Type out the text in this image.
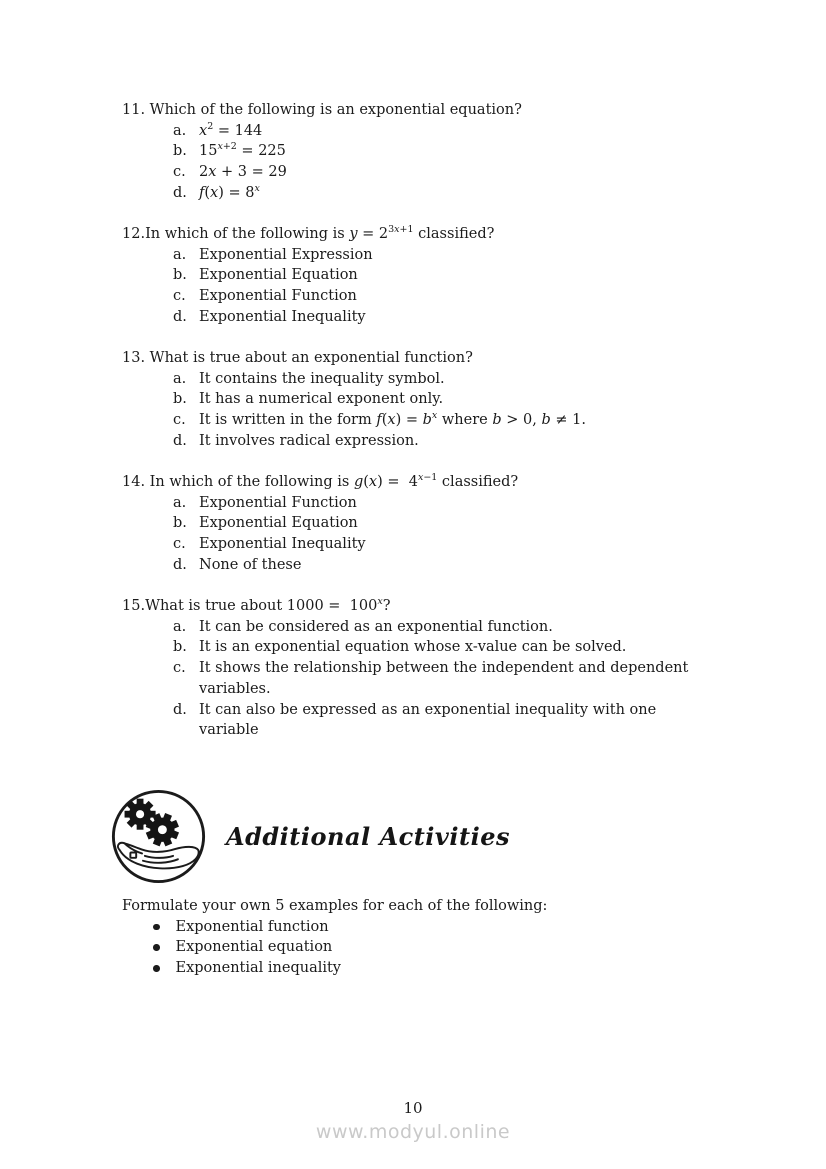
11. Which of the following is an exponential equation?
a. $x^2 = 144$
b. $15^{x+2} = 225$
c. 2x + 3 = 29
d. $f(x) = 8^x$
12.In which of the following is $y = 2^{3x+1}$ classified?
a. Exponential Expression
b. Exponential Equation
c. Exponential Function
d. Exponential Inequality
13. What is true about an exponential function?
a. It contains the inequality symbol.
b. It has a numerical exponent only.
c. It is written in the form $f(x) = b^x$ where b > 0, b ≠ 1.
d. It involves radical expression.
14. In which of the following is $g(x) = 4^{x-1}$ classified?
a. Exponential Function
b. Exponential Equation
c. Exponential Inequality
d. None of these
15.What is true about 1000 =  100$^x$?
a. It can be considered as an exponential function.
b. It is an exponential equation whose x-value can be solved.
c. It shows the relationship between the independent and dependent
variables.
d. It can also be expressed as an exponential inequality with one
variable
Additional Activities

Formulate your own 5 examples for each of the following:

Exponential function
Exponential equation
Exponential inequality
10
www.modyul.online
